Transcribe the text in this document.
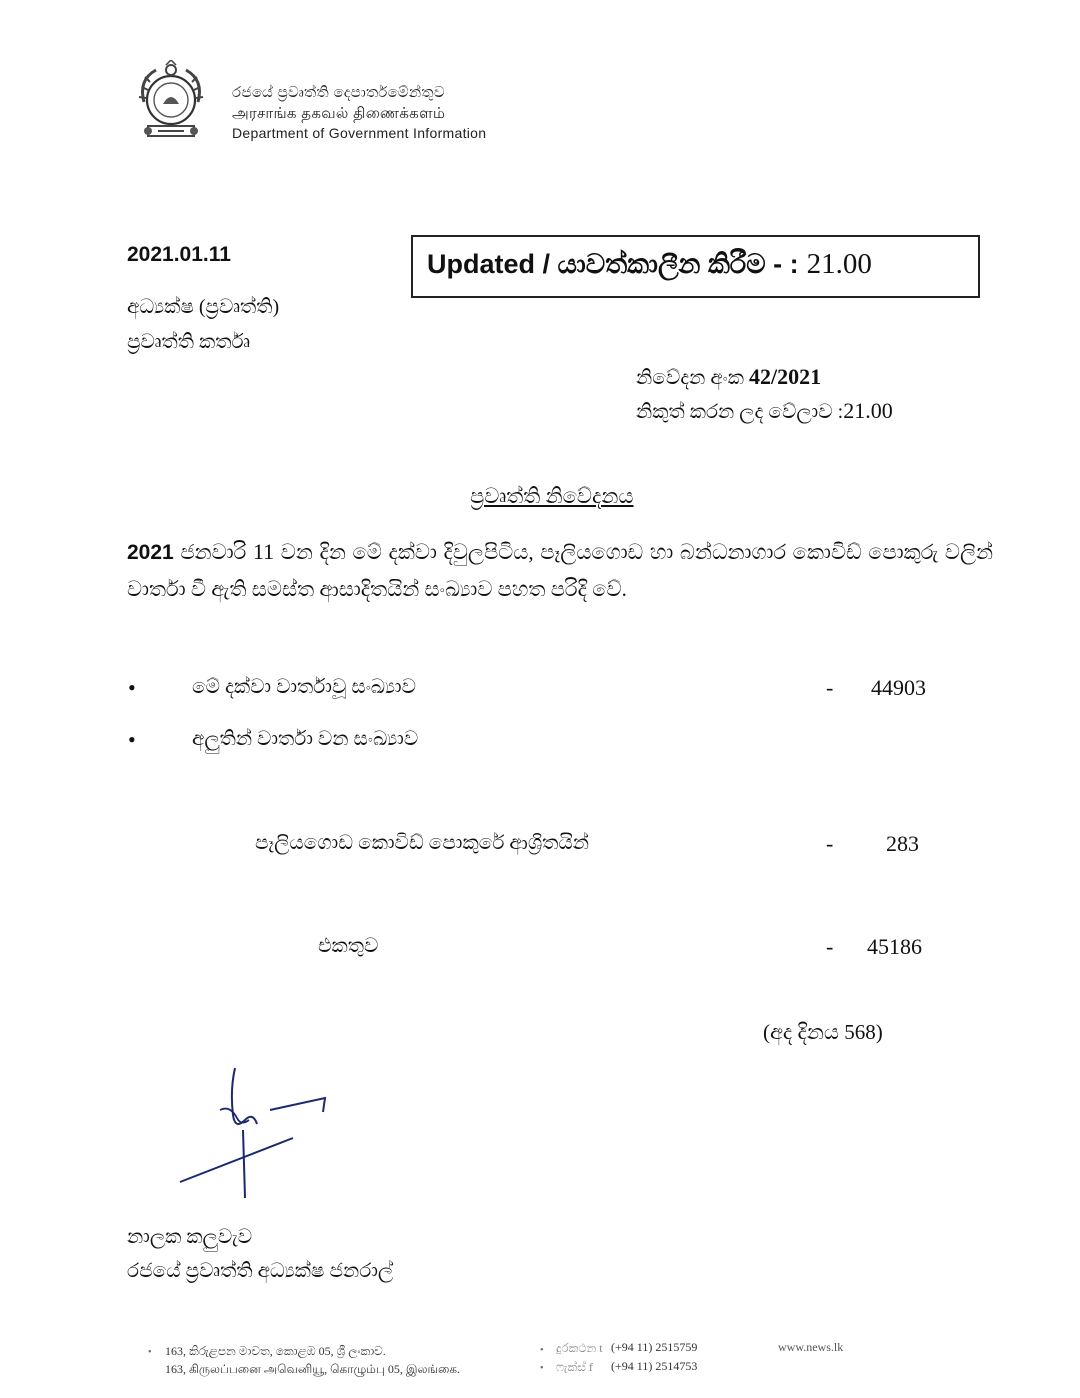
රජයේ ප්‍රවෘත්ති දෙපාර්තමේන්තුව
அரசாங்க தகவல் திணைக்களம்
Department of Government Information
2021.01.11	Updated / යාවත්කාලීන කිරීම - : 21.00
අධ්‍යක්ෂ (ප්‍රවෘත්ති)
ප්‍රවෘත්ති කර්තෘ
නිවේදන අංක 42/2021
නිකුත් කරන ලද වේලාව :21.00
ප්‍රවෘත්ති නිවේදනය
2021 ජනවාරි 11 වන දින මේ දක්වා දිවුලපිටිය, පෑලියගොඩ හා බන්ධනාගාර කොවිඩ් පොකුරු වලින් වාර්තා වී ඇති සමස්ත ආසාදිතයින් සංඛ්‍යාව පහත පරිදි වේ.
•	මේ දක්වා වාර්තාවූ සංඛ්‍යාව	- 44903
•	අලුතින් වාර්තා වන සංඛ්‍යාව
පෑලියගොඩ කොවිඩ් පොකුරේ ආශ්‍රිතයින්	- 283
එකතුව	- 45186
(අද දිනය 568)
නාලක කලුවැව
රජයේ ප්‍රවෘත්ති අධ්‍යක්ෂ ජනරාල්
• 163, කිරුළපන මාවත, කොළඹ 05, ශ්‍රී ලංකාව.
163, கிருலப்பனை அவெனியூ, கொழும்பு 05, இலங்கை.
• දුරකථන t (+94 11) 2515759
• ෆැක්ස් f (+94 11) 2514753
www.news.lk
